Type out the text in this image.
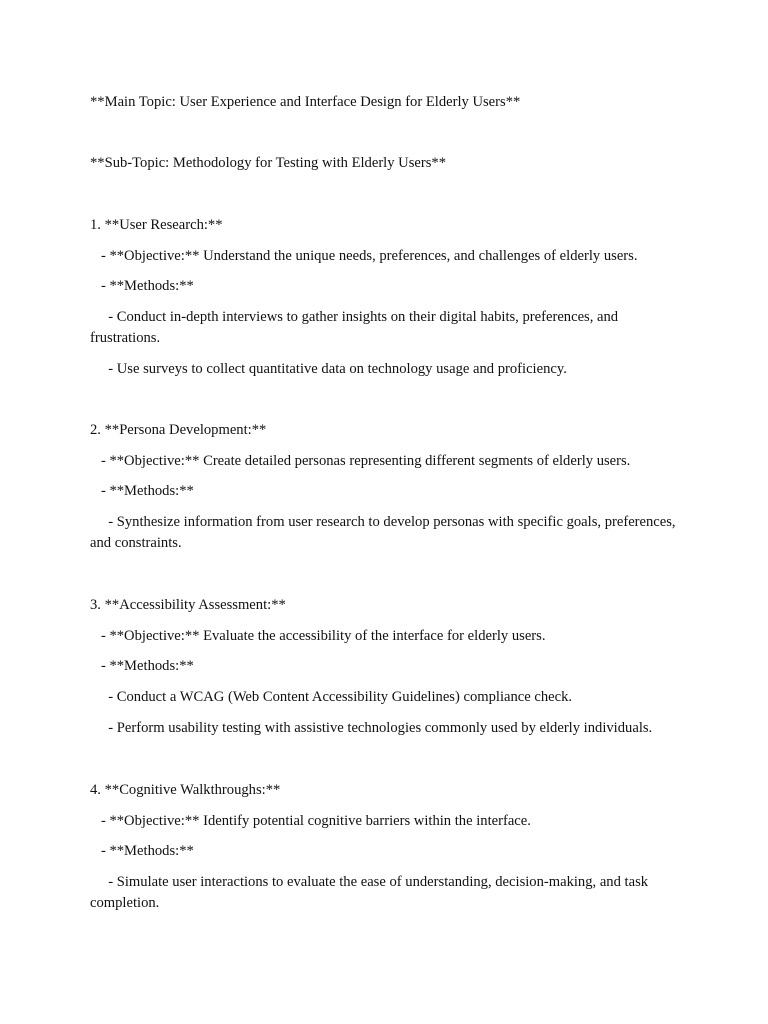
**Main Topic: User Experience and Interface Design for Elderly Users**

**Sub-Topic: Methodology for Testing with Elderly Users**

1. **User Research:**

- **Objective:** Understand the unique needs, preferences, and challenges of elderly users.

- **Methods:**

- Conduct in-depth interviews to gather insights on their digital habits, preferences, and frustrations.

- Use surveys to collect quantitative data on technology usage and proficiency.

2. **Persona Development:**

- **Objective:** Create detailed personas representing different segments of elderly users.

- **Methods:**

- Synthesize information from user research to develop personas with specific goals, preferences, and constraints.

3. **Accessibility Assessment:**

- **Objective:** Evaluate the accessibility of the interface for elderly users.

- **Methods:**

- Conduct a WCAG (Web Content Accessibility Guidelines) compliance check.

- Perform usability testing with assistive technologies commonly used by elderly individuals.

4. **Cognitive Walkthroughs:**

- **Objective:** Identify potential cognitive barriers within the interface.

- **Methods:**

- Simulate user interactions to evaluate the ease of understanding, decision-making, and task completion.
